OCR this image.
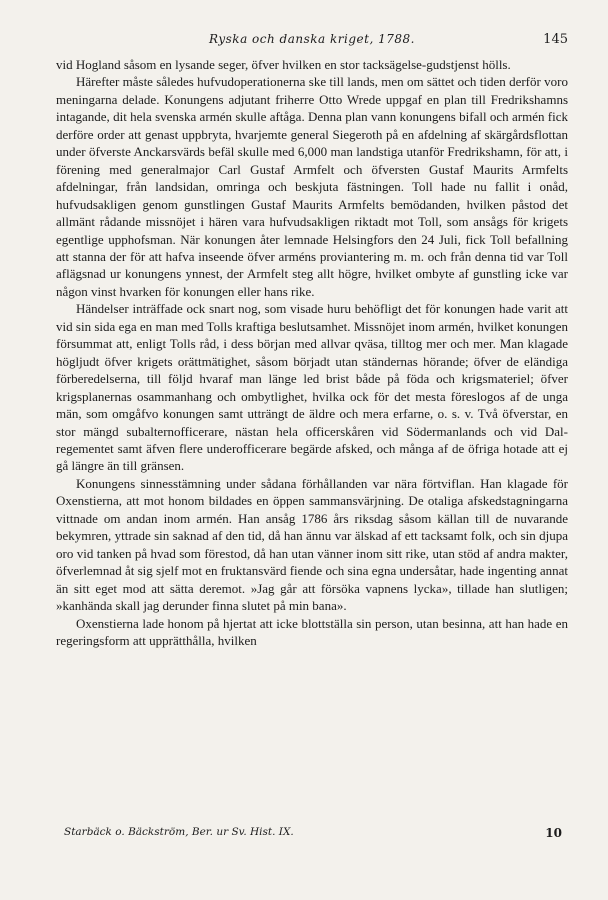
Ryska och danska kriget, 1788.	145

vid Hogland såsom en lysande seger, öfver hvilken en stor tacksägelse-gudstjenst hölls.

Härefter måste således hufvudoperationerna ske till lands, men om sättet och tiden derför voro meningarna delade. Konungens adjutant friherre Otto Wrede uppgaf en plan till Fredrikshamns intagande, dit hela svenska armén skulle aftåga. Denna plan vann konungens bifall och armén fick derföre order att genast uppbryta, hvarjemte general Siegeroth på en afdelning af skärgårdsflottan under öfverste Anckarsvärds befäl skulle med 6,000 man landstiga utanför Fredrikshamn, för att, i förening med generalmajor Carl Gustaf Armfelt och öfversten Gustaf Maurits Armfelts afdelningar, från landsidan, omringa och beskjuta fästningen. Toll hade nu fallit i onåd, hufvudsakligen genom gunstlingen Gustaf Maurits Armfelts bemödanden, hvilken påstod det allmänt rådande missnöjet i hären vara hufvudsakligen riktadt mot Toll, som ansågs för krigets egentlige upphofsman. När konungen åter lemnade Helsingfors den 24 Juli, fick Toll befallning att stanna der för att hafva inseende öfver arméns proviantering m. m. och från denna tid var Toll aflägsnad ur konungens ynnest, der Armfelt steg allt högre, hvilket ombyte af gunstling icke var någon vinst hvarken för konungen eller hans rike.

Händelser inträffade ock snart nog, som visade huru behöfligt det för konungen hade varit att vid sin sida ega en man med Tolls kraftiga beslutsamhet. Missnöjet inom armén, hvilket konungen försummat att, enligt Tolls råd, i dess början med allvar qväsa, tilltog mer och mer. Man klagade högljudt öfver krigets orättmätighet, såsom börjadt utan ständernas hörande; öfver de eländiga förberedelserna, till följd hvaraf man länge led brist både på föda och krigsmateriel; öfver krigsplanernas osammanhang och ombytlighet, hvilka ock för det mesta föreslogos af de unga män, som omgåfvo konungen samt utträngt de äldre och mera erfarne, o. s. v. Två öfverstar, en stor mängd subalternofficerare, nästan hela officerskåren vid Södermanlands och vid Dal-regementet samt äfven flere underofficerare begärde afsked, och många af de öfriga hotade att ej gå längre än till gränsen.

Konungens sinnesstämning under sådana förhållanden var nära förtviflan. Han klagade för Oxenstierna, att mot honom bildades en öppen sammansvärjning. De otaliga afskedstagningarna vittnade om andan inom armén. Han ansåg 1786 års riksdag såsom källan till de nuvarande bekymren, yttrade sin saknad af den tid, då han ännu var älskad af ett tacksamt folk, och sin djupa oro vid tanken på hvad som förestod, då han utan vänner inom sitt rike, utan stöd af andra makter, öfverlemnad åt sig sjelf mot en fruktansvärd fiende och sina egna undersåtar, hade ingenting annat än sitt eget mod att sätta deremot. »Jag går att försöka vapnens lycka», tillade han slutligen; »kanhända skall jag derunder finna slutet på min bana».

Oxenstierna lade honom på hjertat att icke blottställa sin person, utan besinna, att han hade en regeringsform att upprätthålla, hvilken

Starbäck o. Bäckström, Ber. ur Sv. Hist. IX.	10
